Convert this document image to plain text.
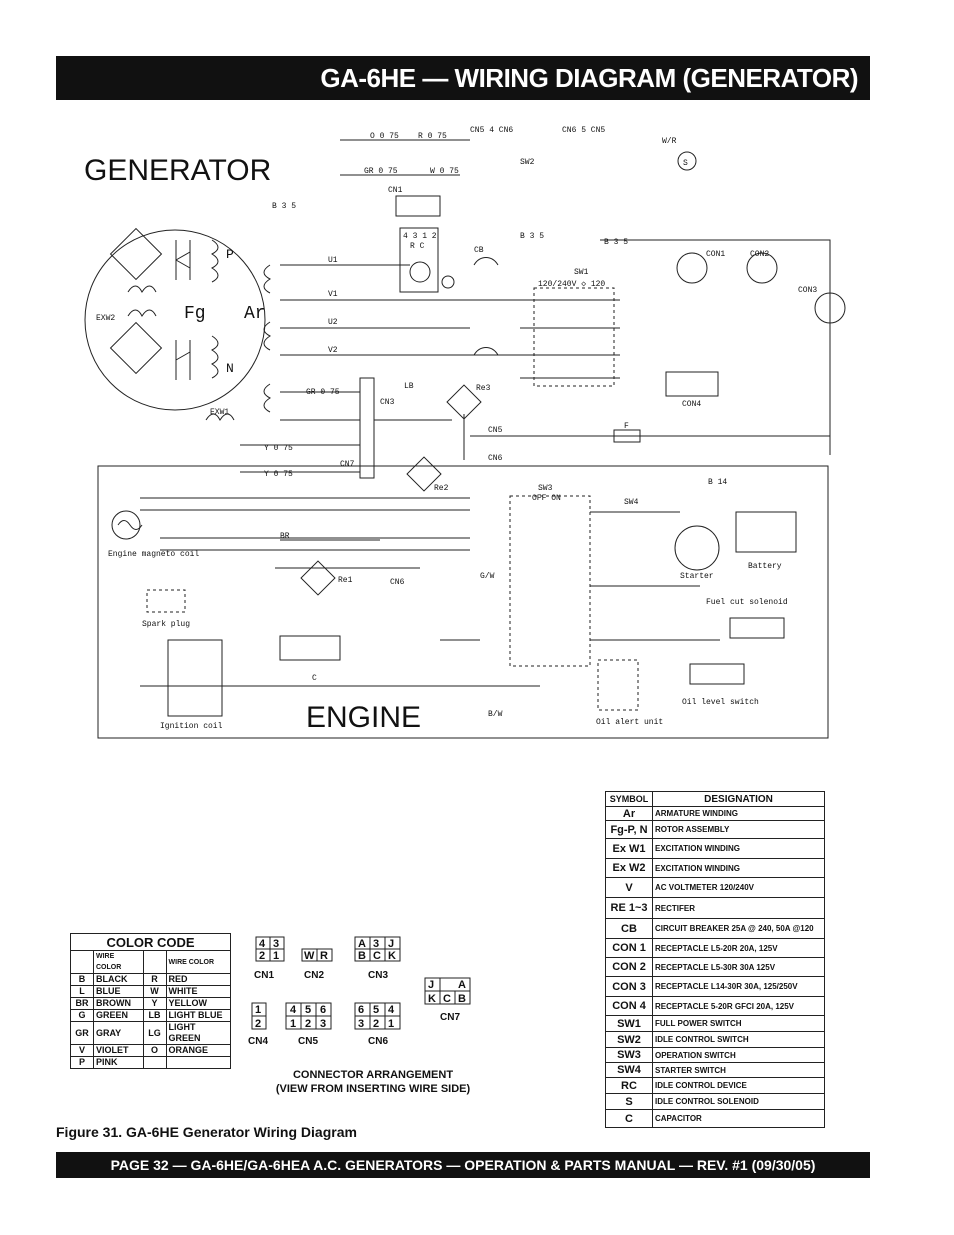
GA-6HE — WIRING DIAGRAM (GENERATOR)
GENERATOR
ENGINE
P
N
Fg Ar
EXW2
EXW1
U1
V1
U2
V2
O 0 75 R 0 75
GR 0 75	W 0 75
CN5 4 CN6	CN6 5 CN5
SW2
W/R
S
CN1
4 3 1 2
R C	CB
SW1
120/240V ◇ 120
B 3 5
B 3 5
B 3 5
CON1	CON2
CON3
CON4
CN3
CN7
Re3
Re2
LB
Y 0 75
Y 0 75
GR 0 75
CN5
CN6
F
Engine magneto coil
Spark plug
Ignition coil
Re1
C
SW3
OFF ON	SW4
Starter
Battery
B 14
Fuel cut solenoid
Oil level switch
Oil alert unit
B/W
G/W
CN6
BR
4 3
2 1
CN1
W R
CN2
A 3 J
B C K
CN3
1
2
CN4
4 5 6
1 2 3
CN5
6 5 4
3 2 1
CN6
J A
K C B
CN7
CONNECTOR ARRANGEMENT
(VIEW FROM INSERTING WIRE SIDE)
COLOR CODE			
	WIRE COLOR		WIRE COLOR
B	BLACK	R	RED
L	BLUE	W	WHITE
BR	BROWN	Y	YELLOW
G	GREEN	LB	LIGHT BLUE
GR	GRAY	LG	LIGHT GREEN
V	VIOLET	O	ORANGE
P	PINK		
SYMBOL	DESIGNATION
Ar	ARMATURE WINDING
Fg-P, N	ROTOR ASSEMBLY
Ex W1	EXCITATION WINDING
Ex W2	EXCITATION WINDING
V	AC VOLTMETER 120/240V
RE 1~3	RECTIFER
CB	CIRCUIT BREAKER 25A @ 240, 50A @120
CON 1	RECEPTACLE L5-20R 20A, 125V
CON 2	RECEPTACLE L5-30R 30A 125V
CON 3	RECEPTACLE L14-30R 30A, 125/250V
CON 4	RECEPTACLE 5-20R GFCI 20A, 125V
SW1	FULL POWER SWITCH
SW2	IDLE CONTROL SWITCH
SW3	OPERATION SWITCH
SW4	STARTER SWITCH
RC	IDLE CONTROL DEVICE
S	IDLE CONTROL SOLENOID
C	CAPACITOR
Figure 31. GA-6HE Generator Wiring Diagram
PAGE 32 — GA-6HE/GA-6HEA A.C. GENERATORS — OPERATION & PARTS MANUAL — REV. #1 (09/30/05)
